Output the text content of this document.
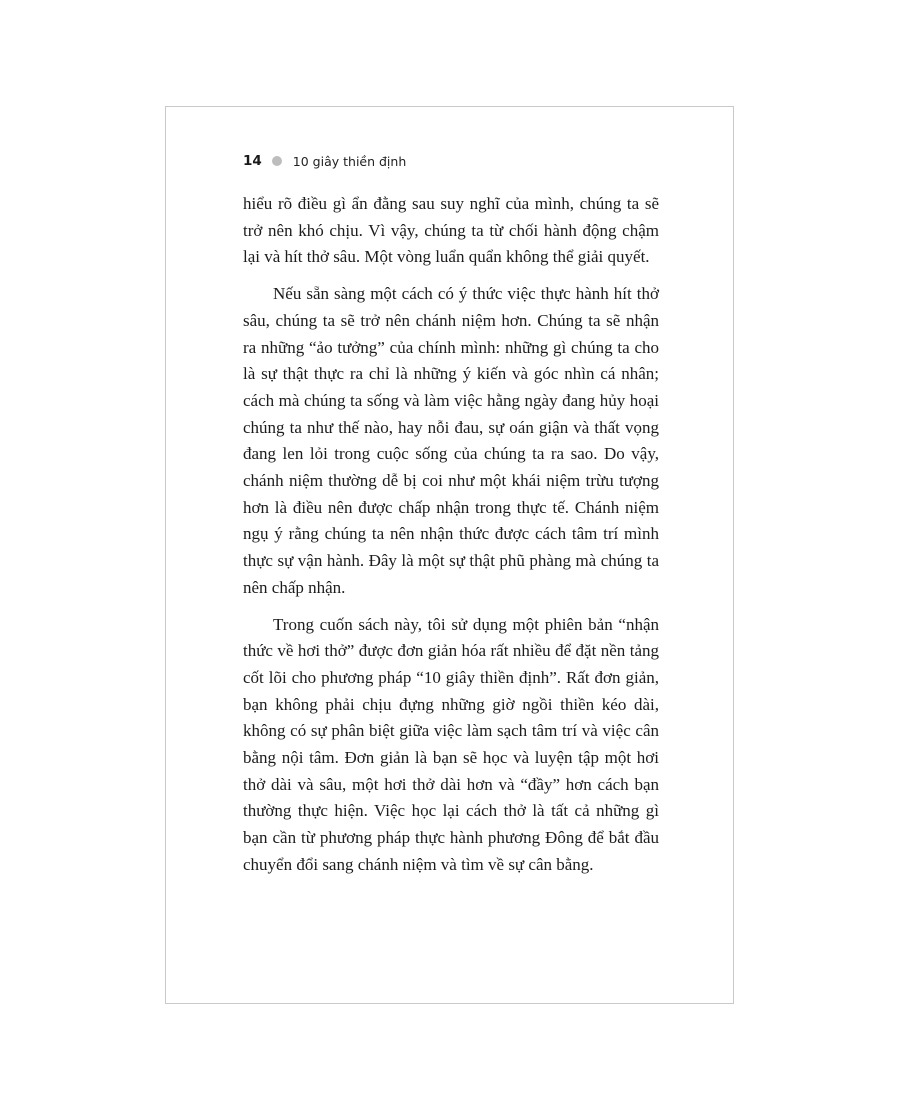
14 10 giây thiền định

hiểu rõ điều gì ẩn đằng sau suy nghĩ của mình, chúng ta sẽ trở nên khó chịu. Vì vậy, chúng ta từ chối hành động chậm lại và hít thở sâu. Một vòng luẩn quẩn không thể giải quyết.

Nếu sẵn sàng một cách có ý thức việc thực hành hít thở sâu, chúng ta sẽ trở nên chánh niệm hơn. Chúng ta sẽ nhận ra những “ảo tưởng” của chính mình: những gì chúng ta cho là sự thật thực ra chỉ là những ý kiến và góc nhìn cá nhân; cách mà chúng ta sống và làm việc hằng ngày đang hủy hoại chúng ta như thế nào, hay nỗi đau, sự oán giận và thất vọng đang len lỏi trong cuộc sống của chúng ta ra sao. Do vậy, chánh niệm thường dễ bị coi như một khái niệm trừu tượng hơn là điều nên được chấp nhận trong thực tế. Chánh niệm ngụ ý rằng chúng ta nên nhận thức được cách tâm trí mình thực sự vận hành. Đây là một sự thật phũ phàng mà chúng ta nên chấp nhận.

Trong cuốn sách này, tôi sử dụng một phiên bản “nhận thức về hơi thở” được đơn giản hóa rất nhiều để đặt nền tảng cốt lõi cho phương pháp “10 giây thiền định”. Rất đơn giản, bạn không phải chịu đựng những giờ ngồi thiền kéo dài, không có sự phân biệt giữa việc làm sạch tâm trí và việc cân bằng nội tâm. Đơn giản là bạn sẽ học và luyện tập một hơi thở dài và sâu, một hơi thở dài hơn và “đầy” hơn cách bạn thường thực hiện. Việc học lại cách thở là tất cả những gì bạn cần từ phương pháp thực hành phương Đông để bắt đầu chuyển đổi sang chánh niệm và tìm về sự cân bằng.
